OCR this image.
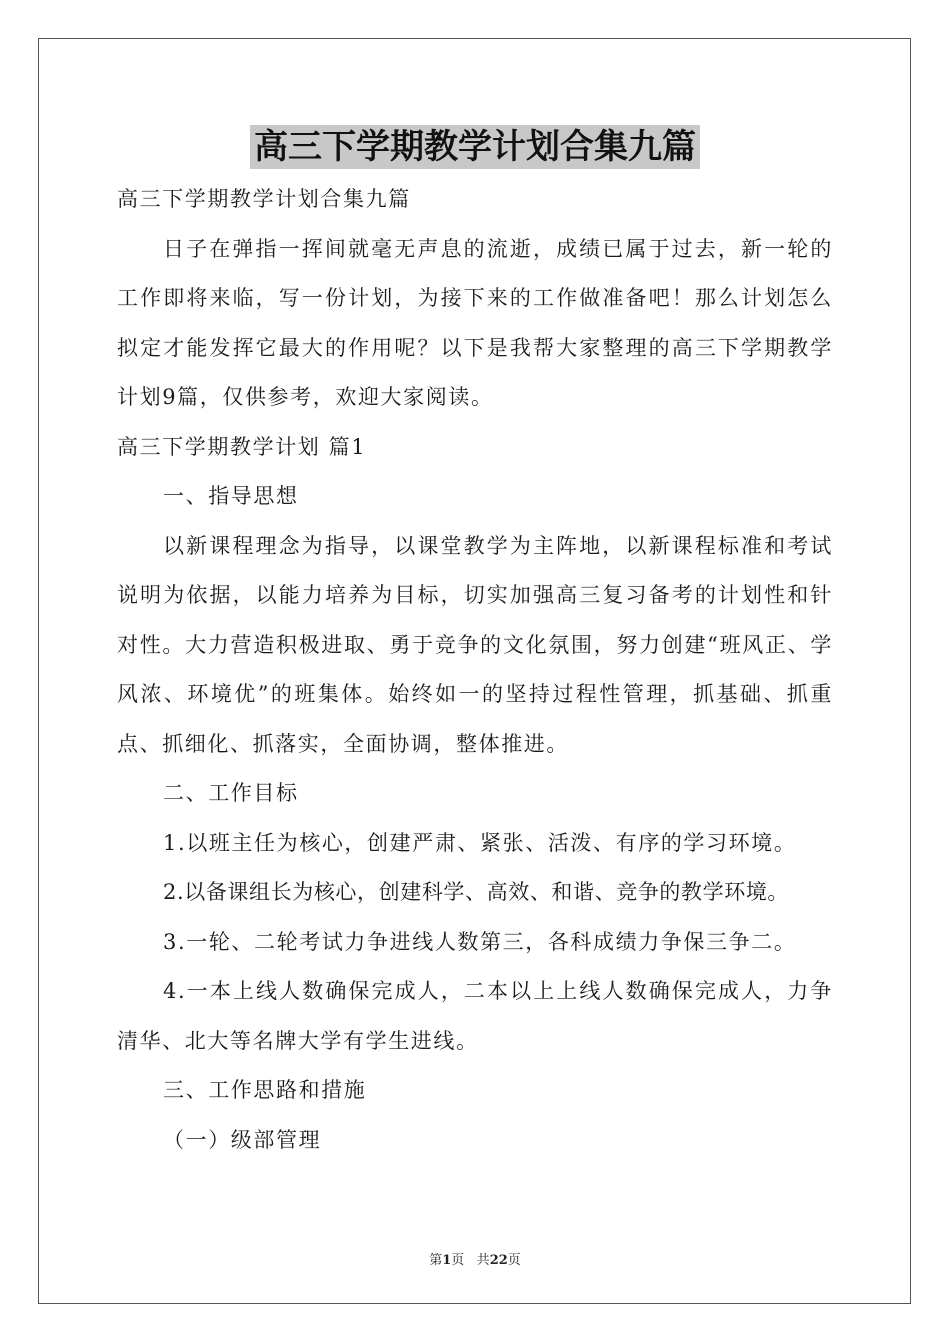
高三下学期教学计划合集九篇

高三下学期教学计划合集九篇

日子在弹指一挥间就毫无声息的流逝，成绩已属于过去，新一轮的工作即将来临，写一份计划，为接下来的工作做准备吧！那么计划怎么拟定才能发挥它最大的作用呢？以下是我帮大家整理的高三下学期教学计划9篇，仅供参考，欢迎大家阅读。

高三下学期教学计划 篇1

一、指导思想

以新课程理念为指导，以课堂教学为主阵地，以新课程标准和考试说明为依据，以能力培养为目标，切实加强高三复习备考的计划性和针对性。大力营造积极进取、勇于竞争的文化氛围，努力创建“班风正、学风浓、环境优”的班集体。始终如一的坚持过程性管理，抓基础、抓重点、抓细化、抓落实，全面协调，整体推进。

二、工作目标

1.以班主任为核心，创建严肃、紧张、活泼、有序的学习环境。

2.以备课组长为核心，创建科学、高效、和谐、竞争的教学环境。

3.一轮、二轮考试力争进线人数第三，各科成绩力争保三争二。

4.一本上线人数确保完成人，二本以上上线人数确保完成人，力争清华、北大等名牌大学有学生进线。

三、工作思路和措施

（一）级部管理

第1页 共22页
